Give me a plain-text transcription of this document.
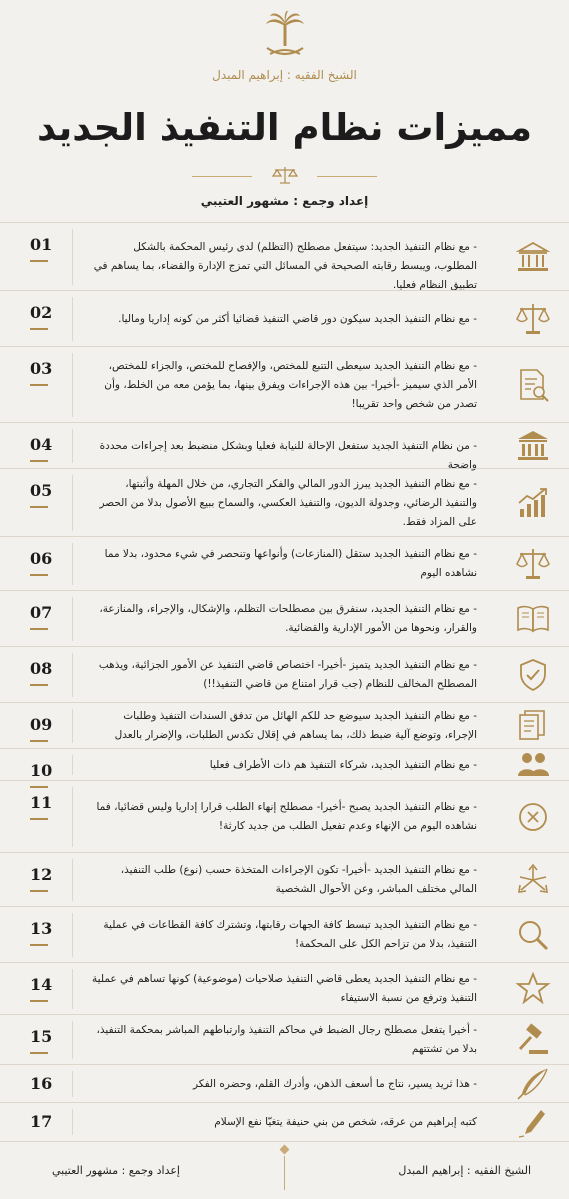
الشيخ الفقيه : إبراهيم المبدل
مميزات نظام التنفيذ الجديد
إعداد وجمع : مشهور العتيبي
- مع نظام التنفيذ الجديد: سيتفعل مصطلح (التظلم) لدى رئيس المحكمة بالشكل المطلوب، ويبسط رقابته الصحيحة في المسائل التي تمزج الإدارة والقضاء، بما يساهم في تطبيق النظام فعليا.
01
- مع نظام التنفيذ الجديد سيكون دور قاضي التنفيذ قضائيا أكثر من كونه إداريا وماليا.
02
- مع نظام التنفيذ الجديد سيعطى التتبع للمختص، والإفصاح للمختص، والجزاء للمختص، الأمر الذي سيميز -أخيرا- بين هذه الإجراءات ويفرق بينها، بما يؤمن معه من الخلط، وأن تصدر من شخص واحد تقريبا!
03
- من نظام التنفيذ الجديد ستفعل الإحالة للنيابة فعليا وبشكل منضبط بعد إجراءات محددة واضحة
04
- مع نظام التنفيذ الجديد يبرز الدور المالي والفكر التجاري، من خلال المهلة وأثبتها، والتنفيذ الرضائي، وجدولة الديون، والتنفيذ العكسي، والسماح ببيع الأصول بدلا من الحصر على المزاد فقط.
05
- مع نظام التنفيذ الجديد ستقل (المنازعات) وأنواعها وتنحصر في شيء محدود، بدلا مما نشاهده اليوم
06
- مع نظام التنفيذ الجديد، سنفرق بين مصطلحات التظلم، والإشكال، والإجراء، والمنازعة، والقرار، ونحوها من الأمور الإدارية والقضائية.
07
- مع نظام التنفيذ الجديد يتميز -أخيرا- اختصاص قاضي التنفيذ عن الأمور الجزائية، ويذهب المصطلح المخالف للنظام (جب قرار امتناع من قاضي التنفيذ!!)
08
- مع نظام التنفيذ الجديد سيوضع حد للكم الهائل من تدفق السندات التنفيذ وطلبات الإجراء، وتوضع آلية ضبط ذلك، بما يساهم في إقلال تكدس الطلبات، والإضرار بالعدل
09
- مع نظام التنفيذ الجديد، شركاء التنفيذ هم ذات الأطراف فعليا
10
- مع نظام التنفيذ الجديد يصبح -أخيرا- مصطلح إنهاء الطلب قرارا إداريا وليس قضائيا، فما نشاهده اليوم من الإنهاء وعدم تفعيل الطلب من جديد كارثة!
11
- مع نظام التنفيذ الجديد -أخيرا- تكون الإجراءات المتخذة حسب (نوع) طلب التنفيذ، المالي مختلف المباشر، وعن الأحوال الشخصية
12
- مع نظام التنفيذ الجديد تبسط كافة الجهات رقابتها، وتشترك كافة القطاعات في عملية التنفيذ، بدلا من تزاحم الكل على المحكمة!
13
- مع نظام التنفيذ الجديد يعطى قاضي التنفيذ صلاحيات (موضوعية) كونها تساهم في عملية التنفيذ وترفع من نسبة الاستيفاء
14
- أخيرا يتفعل مصطلح رجال الضبط في محاكم التنفيذ وارتباطهم المباشر بمحكمة التنفيذ، بدلا من تشتتهم
15
- هذا ثريد يسير، نتاج ما أسعف الذهن، وأدرك القلم، وحضره الفكر
16
كتبه إبراهيم من عرقه، شخص من بني حنيفة يتغيّا نفع الإسلام
17
الشيخ الفقيه : إبراهيم المبدل
إعداد وجمع : مشهور العتيبي
